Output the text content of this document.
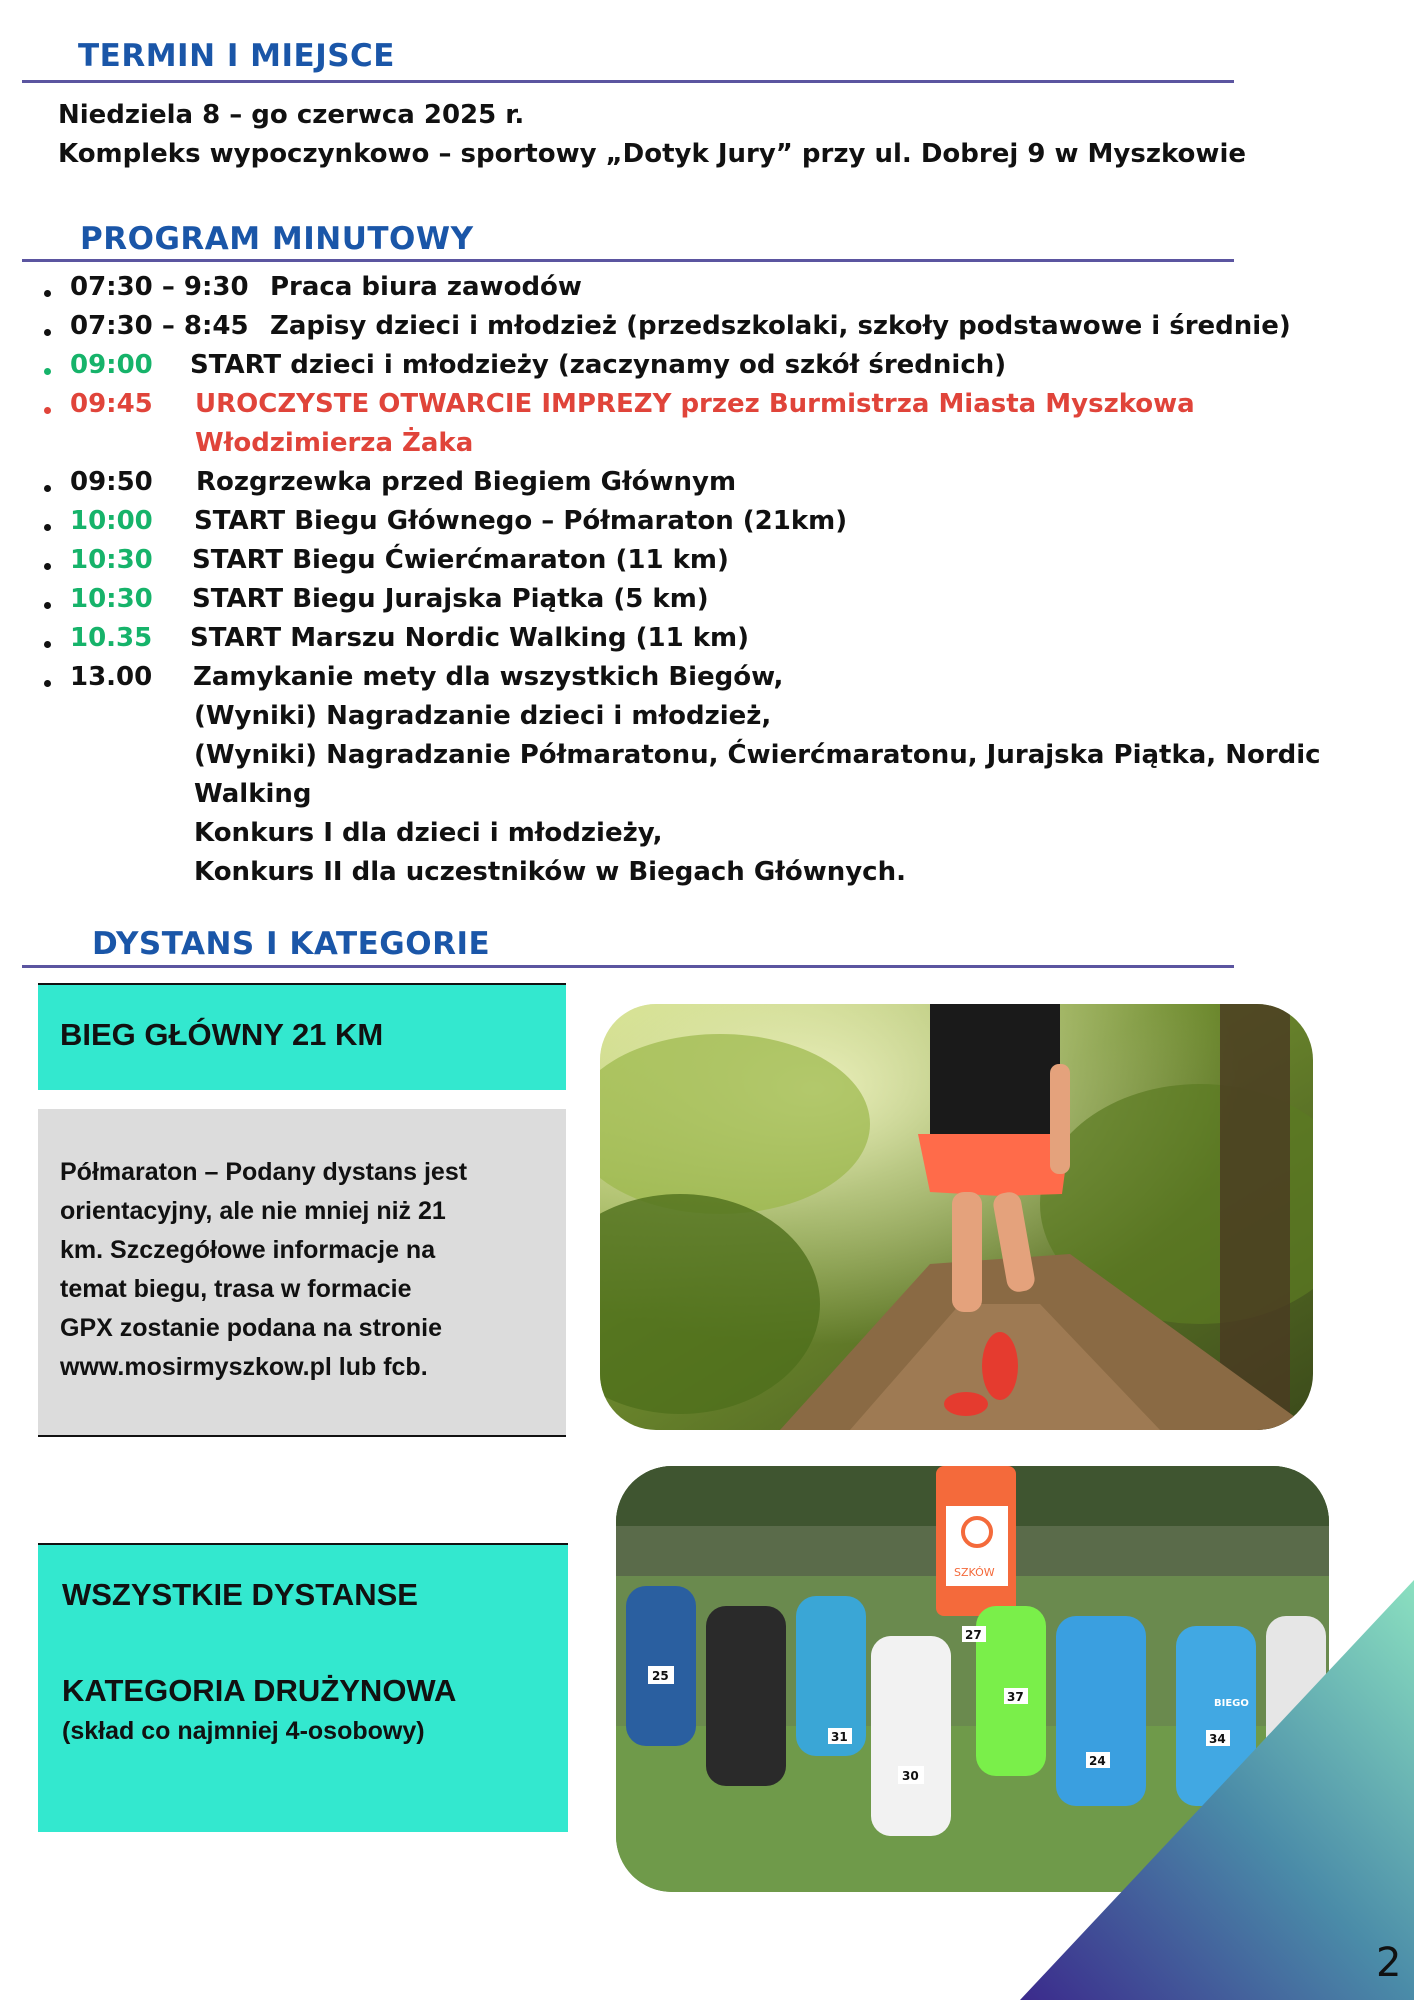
TERMIN I MIEJSCE
Niedziela 8 – go czerwca 2025 r.
Kompleks wypoczynkowo – sportowy „Dotyk Jury” przy ul. Dobrej 9 w Myszkowie
PROGRAM MINUTOWY
07:30 – 9:30 Praca biura zawodów
07:30 – 8:45 Zapisy dzieci i młodzież (przedszkolaki, szkoły podstawowe i średnie)
09:00 START dzieci i młodzieży (zaczynamy od szkół średnich)
09:45 UROCZYSTE OTWARCIE IMPREZY przez Burmistrza Miasta Myszkowa
Włodzimierza Żaka
09:50 Rozgrzewka przed Biegiem Głównym
10:00 START Biegu Głównego – Półmaraton (21km)
10:30 START Biegu Ćwierćmaraton (11 km)
10:30 START Biegu Jurajska Piątka (5 km)
10.35 START Marszu Nordic Walking (11 km)
13.00 Zamykanie mety dla wszystkich Biegów,
(Wyniki) Nagradzanie dzieci i młodzież,
(Wyniki) Nagradzanie Półmaratonu, Ćwierćmaratonu, Jurajska Piątka, Nordic
Walking
Konkurs I dla dzieci i młodzieży,
Konkurs II dla uczestników w Biegach Głównych.
DYSTANS I KATEGORIE
BIEG GŁÓWNY 21 KM
Półmaraton – Podany dystans jest
orientacyjny, ale nie mniej niż 21
km. Szczegółowe informacje na
temat biegu, trasa w formacie
GPX zostanie podana na stronie
www.mosirmyszkow.pl lub fcb.
WSZYSTKIE DYSTANSE
KATEGORIA DRUŻYNOWA
(skład co najmniej 4-osobowy)
SZKÓW
25
27
37
31
30
24
34
BIEGO
2
